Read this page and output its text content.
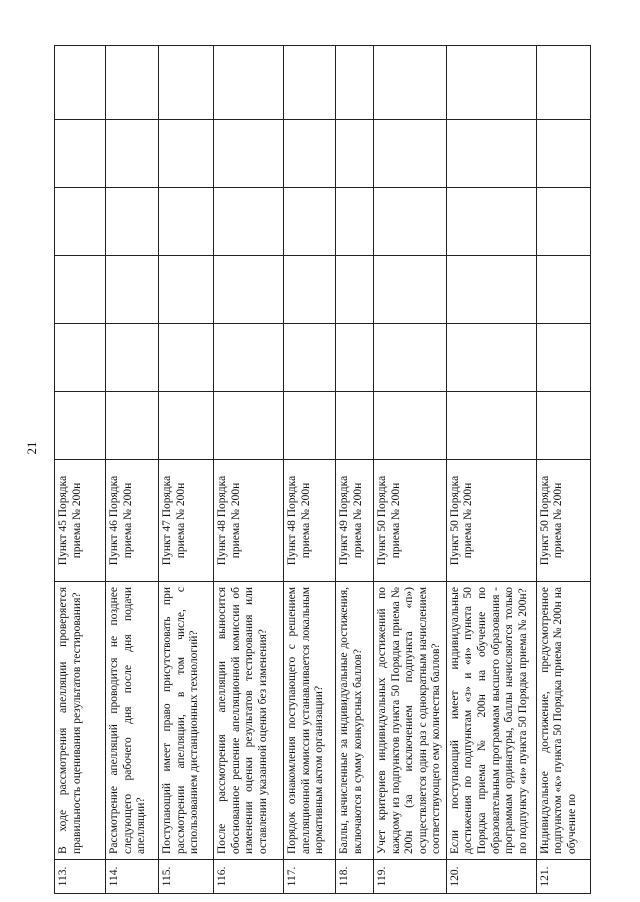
21
113.	В ходе рассмотрения апелляции проверяется правильность оценивания результатов тестирования?	Пункт 45 Порядка приема № 200н						
114.	Рассмотрение апелляций проводится не позднее следующего рабочего дня после дня подачи апелляции?	Пункт 46 Порядка приема № 200н						
115.	Поступающий имеет право присутствовать при рассмотрении апелляции, в том числе, с использованием дистанционных технологий?	Пункт 47 Порядка приема № 200н						
116.	После рассмотрения апелляции выносится обоснованное решение апелляционной комиссии об изменении оценки результатов тестирования или оставлении указанной оценки без изменения?	Пункт 48 Порядка приема № 200н						
117.	Порядок ознакомления поступающего с решением апелляционной комиссии устанавливается локальным нормативным актом организации?	Пункт 48 Порядка приема № 200н						
118.	Баллы, начисленные за индивидуальные достижения, включаются в сумму конкурсных баллов?	Пункт 49 Порядка приема № 200н						
119.	Учет критериев индивидуальных достижений по каждому из подпунктов пункта 50 Порядка приема № 200н (за исключением подпункта «п») осуществляется один раз с однократным начислением соответствующего ему количества баллов?	Пункт 50 Порядка приема № 200н						
120.	Если поступающий имеет индивидуальные достижения по подпунктам «з» и «и» пункта 50 Порядка приема № 200н на обучение по образовательным программам высшего образования - программам ординатуры, баллы начисляются только по подпункту «и» пункта 50 Порядка приема № 200н?	Пункт 50 Порядка приема № 200н						
121.	Индивидуальное достижение, предусмотренное подпунктом «к» пункта 50 Порядка приема № 200н на обучение по	Пункт 50 Порядка приема № 200н						
